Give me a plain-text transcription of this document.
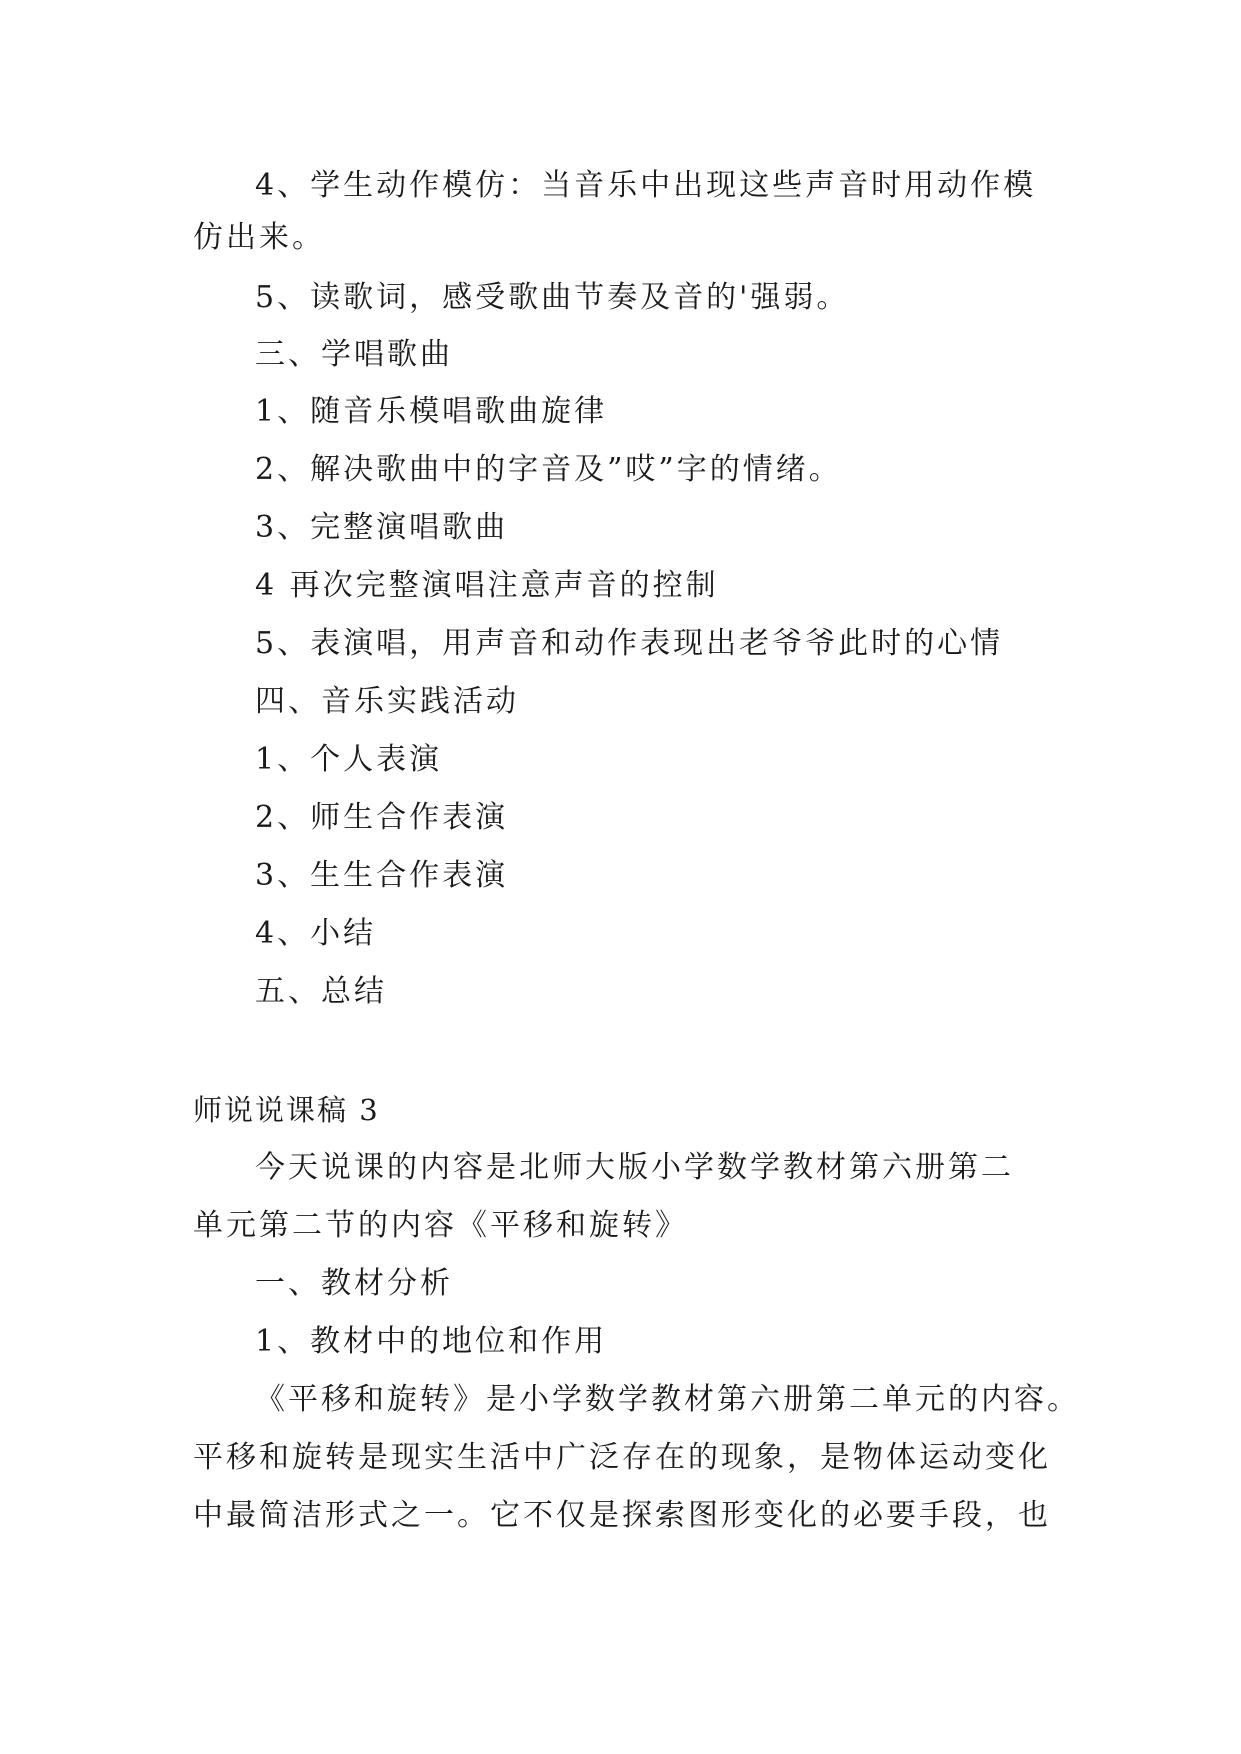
4、学生动作模仿：当音乐中出现这些声音时用动作模
仿出来。
5、读歌词，感受歌曲节奏及音的'强弱。
三、学唱歌曲
1、随音乐模唱歌曲旋律
2、解决歌曲中的字音及”哎”字的情绪。
3、完整演唱歌曲
4 再次完整演唱注意声音的控制
5、表演唱，用声音和动作表现出老爷爷此时的心情
四、音乐实践活动
1、个人表演
2、师生合作表演
3、生生合作表演
4、小结
五、总结
师说说课稿 3
今天说课的内容是北师大版小学数学教材第六册第二
单元第二节的内容《平移和旋转》
一、教材分析
1、教材中的地位和作用
《平移和旋转》是小学数学教材第六册第二单元的内容。
平移和旋转是现实生活中广泛存在的现象，是物体运动变化
中最简洁形式之一。它不仅是探索图形变化的必要手段，也
